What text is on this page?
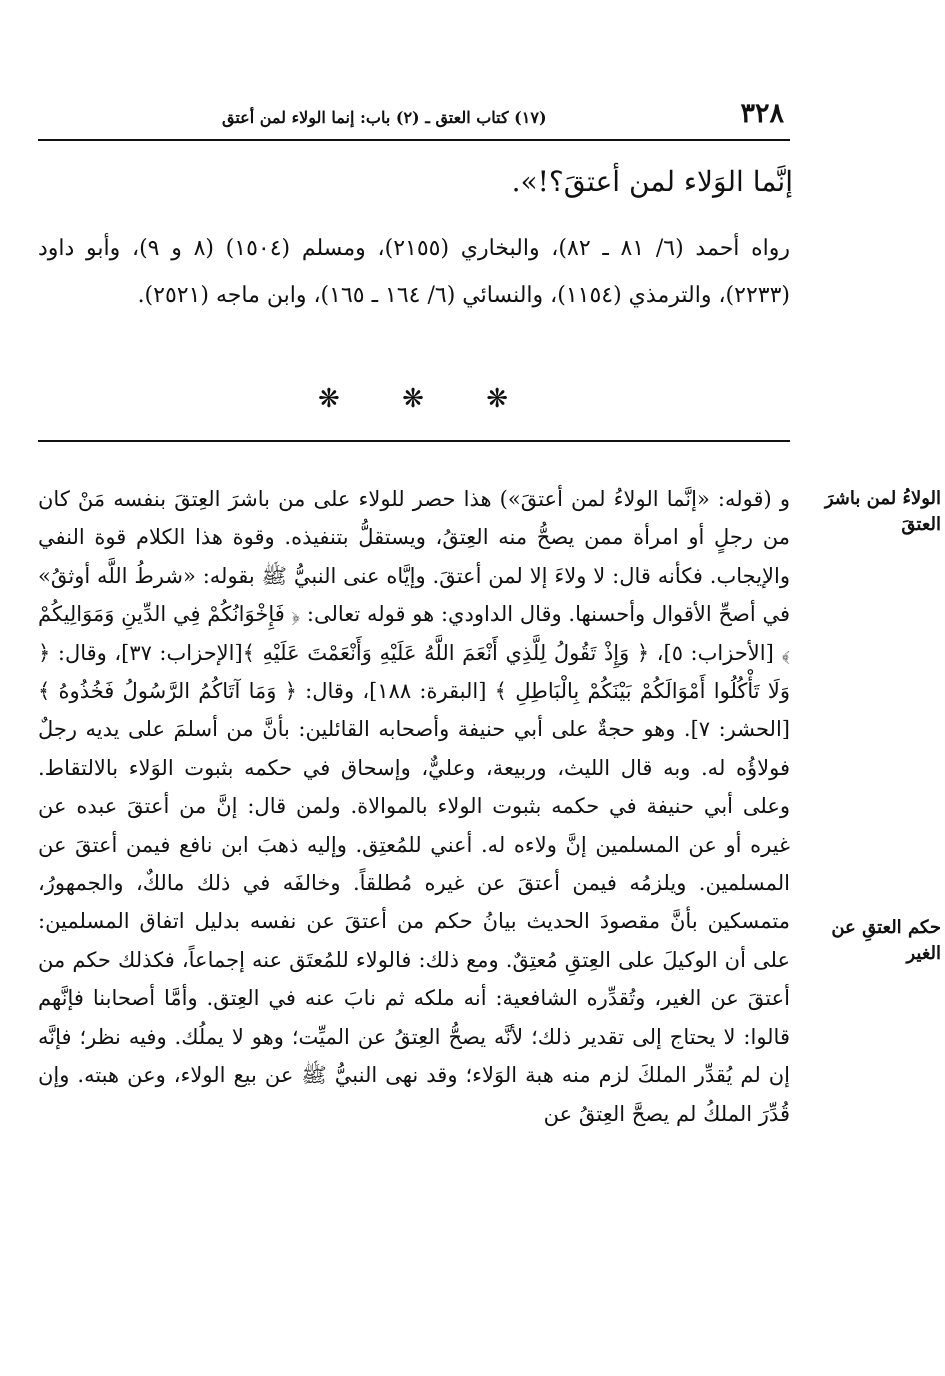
٣٢٨
(١٧) كتاب العتق ـ (٢) باب: إنما الولاء لمن أعتق

إنَّما الوَلاء لمن أعتقَ؟!».

رواه أحمد (٦/ ٨١ ـ ٨٢)، والبخاري (٢١٥٥)، ومسلم (١٥٠٤) (٨ و ٩)، وأبو داود (٢٢٣٣)، والترمذي (١١٥٤)، والنسائي (٦/ ١٦٤ ـ ١٦٥)، وابن ماجه (٢٥٢١).

❋
❋
❋
الولاءُ لمن باشرَ العتقَ
حكم العتقِ عن الغير

و (قوله: «إنَّما الولاءُ لمن أعتقَ») هذا حصر للولاء على من باشرَ العِتقَ بنفسه مَنْ كان من رجلٍ أو امرأة ممن يصحُّ منه العِتقُ، ويستقلُّ بتنفيذه. وقوة هذا الكلام قوة النفي والإيجاب. فكأنه قال: لا ولاءَ إلا لمن أعتقَ. وإيَّاه عنى النبيُّ ﷺ بقوله: «شرطُ اللَّه أوثقُ» في أصحِّ الأقوال وأحسنها. وقال الداودي: هو قوله تعالى: ﴿ فَإِخْوَانُكُمْ فِي الدِّينِ وَمَوَالِيكُمْ ﴾ [الأحزاب: ٥]، ﴿ وَإِذْ تَقُولُ لِلَّذِي أَنْعَمَ اللَّهُ عَلَيْهِ وَأَنْعَمْتَ عَلَيْهِ ﴾[الإحزاب: ٣٧]، وقال: ﴿ وَلَا تَأْكُلُوا أَمْوَالَكُمْ بَيْنَكُمْ بِالْبَاطِلِ ﴾ [البقرة: ١٨٨]، وقال: ﴿ وَمَا آتَاكُمُ الرَّسُولُ فَخُذُوهُ ﴾[الحشر: ٧]. وهو حجةٌ على أبي حنيفة وأصحابه القائلين: بأنَّ من أسلمَ على يديه رجلٌ فولاؤُه له. وبه قال الليث، وربيعة، وعليٌّ، وإسحاق في حكمه بثبوت الوَلاء بالالتقاط. وعلى أبي حنيفة في حكمه بثبوت الولاء بالموالاة. ولمن قال: إنَّ من أعتقَ عبده عن غيره أو عن المسلمين إنَّ ولاءه له. أعني للمُعتِق. وإليه ذهبَ ابن نافع فيمن أعتقَ عن المسلمين. ويلزمُه فيمن أعتقَ عن غيره مُطلقاً. وخالفَه في ذلك مالكٌ، والجمهورُ، متمسكين بأنَّ مقصودَ الحديث بيانُ حكم من أعتقَ عن نفسه بدليل اتفاق المسلمين: على أن الوكيلَ على العِتقِ مُعتِقٌ. ومع ذلك: فالولاء للمُعتَق عنه إجماعاً، فكذلك حكم من أعتقَ عن الغير، وتُقدِّره الشافعية: أنه ملكه ثم نابَ عنه في العِتق. وأمَّا أصحابنا فإنَّهم قالوا: لا يحتاج إلى تقدير ذلك؛ لأنَّه يصحُّ العِتقُ عن الميِّت؛ وهو لا يملُك. وفيه نظر؛ فإنَّه إن لم يُقدِّر الملكَ لزم منه هبة الوَلاء؛ وقد نهى النبيُّ ﷺ عن بيع الولاء، وعن هبته. وإن قُدِّرَ الملكُ لم يصحَّ العِتقُ عن
